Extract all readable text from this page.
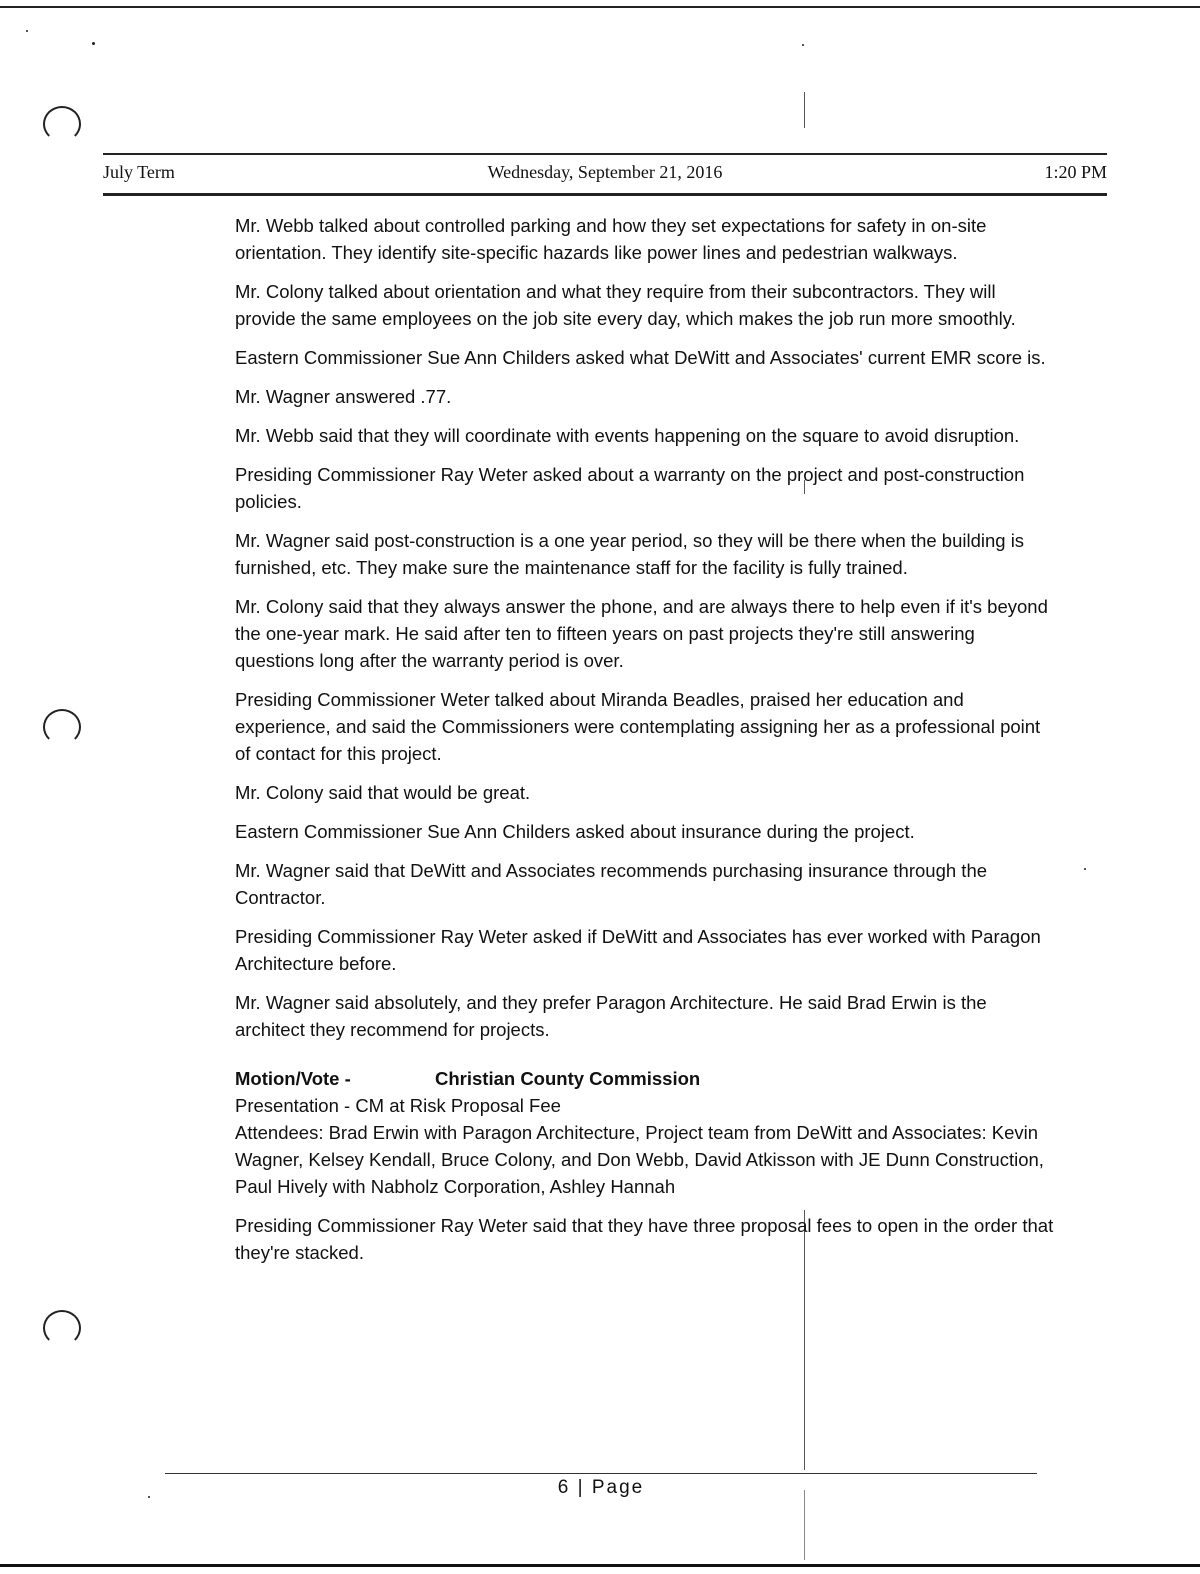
July Term	Wednesday, September 21, 2016	1:20 PM

Mr. Webb talked about controlled parking and how they set expectations for safety in on-site orientation. They identify site-specific hazards like power lines and pedestrian walkways.

Mr. Colony talked about orientation and what they require from their subcontractors. They will provide the same employees on the job site every day, which makes the job run more smoothly.

Eastern Commissioner Sue Ann Childers asked what DeWitt and Associates' current EMR score is.

Mr. Wagner answered .77.

Mr. Webb said that they will coordinate with events happening on the square to avoid disruption.

Presiding Commissioner Ray Weter asked about a warranty on the project and post-construction policies.

Mr. Wagner said post-construction is a one year period, so they will be there when the building is furnished, etc. They make sure the maintenance staff for the facility is fully trained.

Mr. Colony said that they always answer the phone, and are always there to help even if it's beyond the one-year mark. He said after ten to fifteen years on past projects they're still answering questions long after the warranty period is over.

Presiding Commissioner Weter talked about Miranda Beadles, praised her education and experience, and said the Commissioners were contemplating assigning her as a professional point of contact for this project.

Mr. Colony said that would be great.

Eastern Commissioner Sue Ann Childers asked about insurance during the project.

Mr. Wagner said that DeWitt and Associates recommends purchasing insurance through the Contractor.

Presiding Commissioner Ray Weter asked if DeWitt and Associates has ever worked with Paragon Architecture before.

Mr. Wagner said absolutely, and they prefer Paragon Architecture. He said Brad Erwin is the architect they recommend for projects.

Motion/Vote -	Christian County Commission
Presentation - CM at Risk Proposal Fee

Attendees: Brad Erwin with Paragon Architecture, Project team from DeWitt and Associates: Kevin Wagner, Kelsey Kendall, Bruce Colony, and Don Webb, David Atkisson with JE Dunn Construction, Paul Hively with Nabholz Corporation, Ashley Hannah

Presiding Commissioner Ray Weter said that they have three proposal fees to open in the order that they're stacked.

6 | Page
